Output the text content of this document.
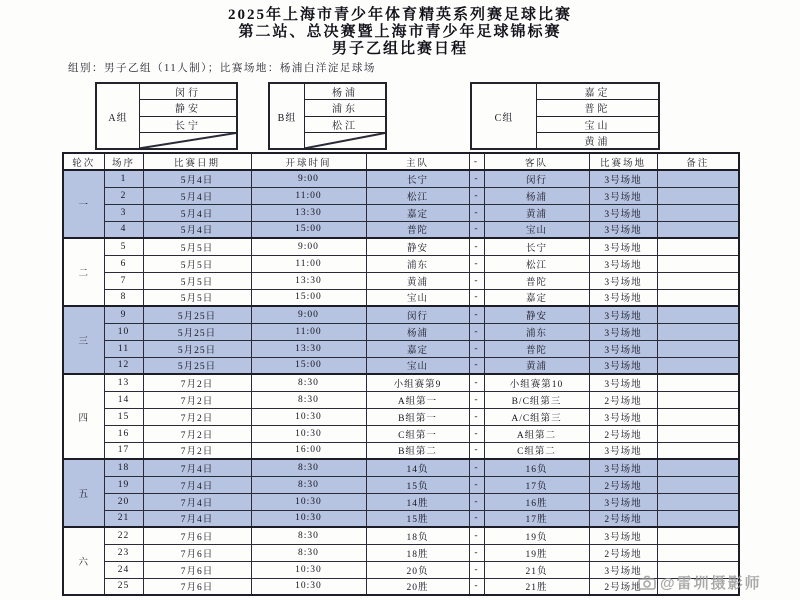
2025年上海市青少年体育精英系列赛足球比赛
第二站、总决赛暨上海市青少年足球锦标赛
男子乙组比赛日程
组别：男子乙组（11人制）；比赛场地：杨浦白洋淀足球场
A组
闵行
静安
长宁
B组
杨浦
浦东
松江
C组
嘉定
普陀
宝山
黄浦
轮次	场序	比赛日期	开球时间	主队	-	客队	比赛场地	备注
一	1	5月4日	9:00	长宁	-	闵行	3号场地	
	2	5月4日	11:00	松江	-	杨浦	3号场地	
	3	5月4日	13:30	嘉定	-	黄浦	3号场地	
	4	5月4日	15:00	普陀	-	宝山	3号场地	
二	5	5月5日	9:00	静安	-	长宁	3号场地	
	6	5月5日	11:00	浦东	-	松江	3号场地	
	7	5月5日	13:30	黄浦	-	普陀	3号场地	
	8	5月5日	15:00	宝山	-	嘉定	3号场地	
三	9	5月25日	9:00	闵行	-	静安	3号场地	
	10	5月25日	11:00	杨浦	-	浦东	3号场地	
	11	5月25日	13:30	嘉定	-	普陀	3号场地	
	12	5月25日	15:00	宝山	-	黄浦	3号场地	
四	13	7月2日	8:30	小组赛第9	-	小组赛第10	3号场地	
	14	7月2日	8:30	A组第一	-	B/C组第三	2号场地	
	15	7月2日	10:30	B组第一	-	A/C组第三	3号场地	
	16	7月2日	10:30	C组第一	-	A组第二	2号场地	
	17	7月2日	16:00	B组第二	-	C组第二	3号场地	
五	18	7月4日	8:30	14负	-	16负	3号场地	
	19	7月4日	8:30	15负	-	17负	2号场地	
	20	7月4日	10:30	14胜	-	16胜	3号场地	
	21	7月4日	10:30	15胜	-	17胜	2号场地	
六	22	7月6日	8:30	18负	-	19负	3号场地	
	23	7月6日	8:30	18胜	-	19胜	2号场地	
	24	7月6日	10:30	20负	-	21负	3号场地	
	25	7月6日	10:30	20胜	-	21胜	2号场地	@雷圳摄影师
